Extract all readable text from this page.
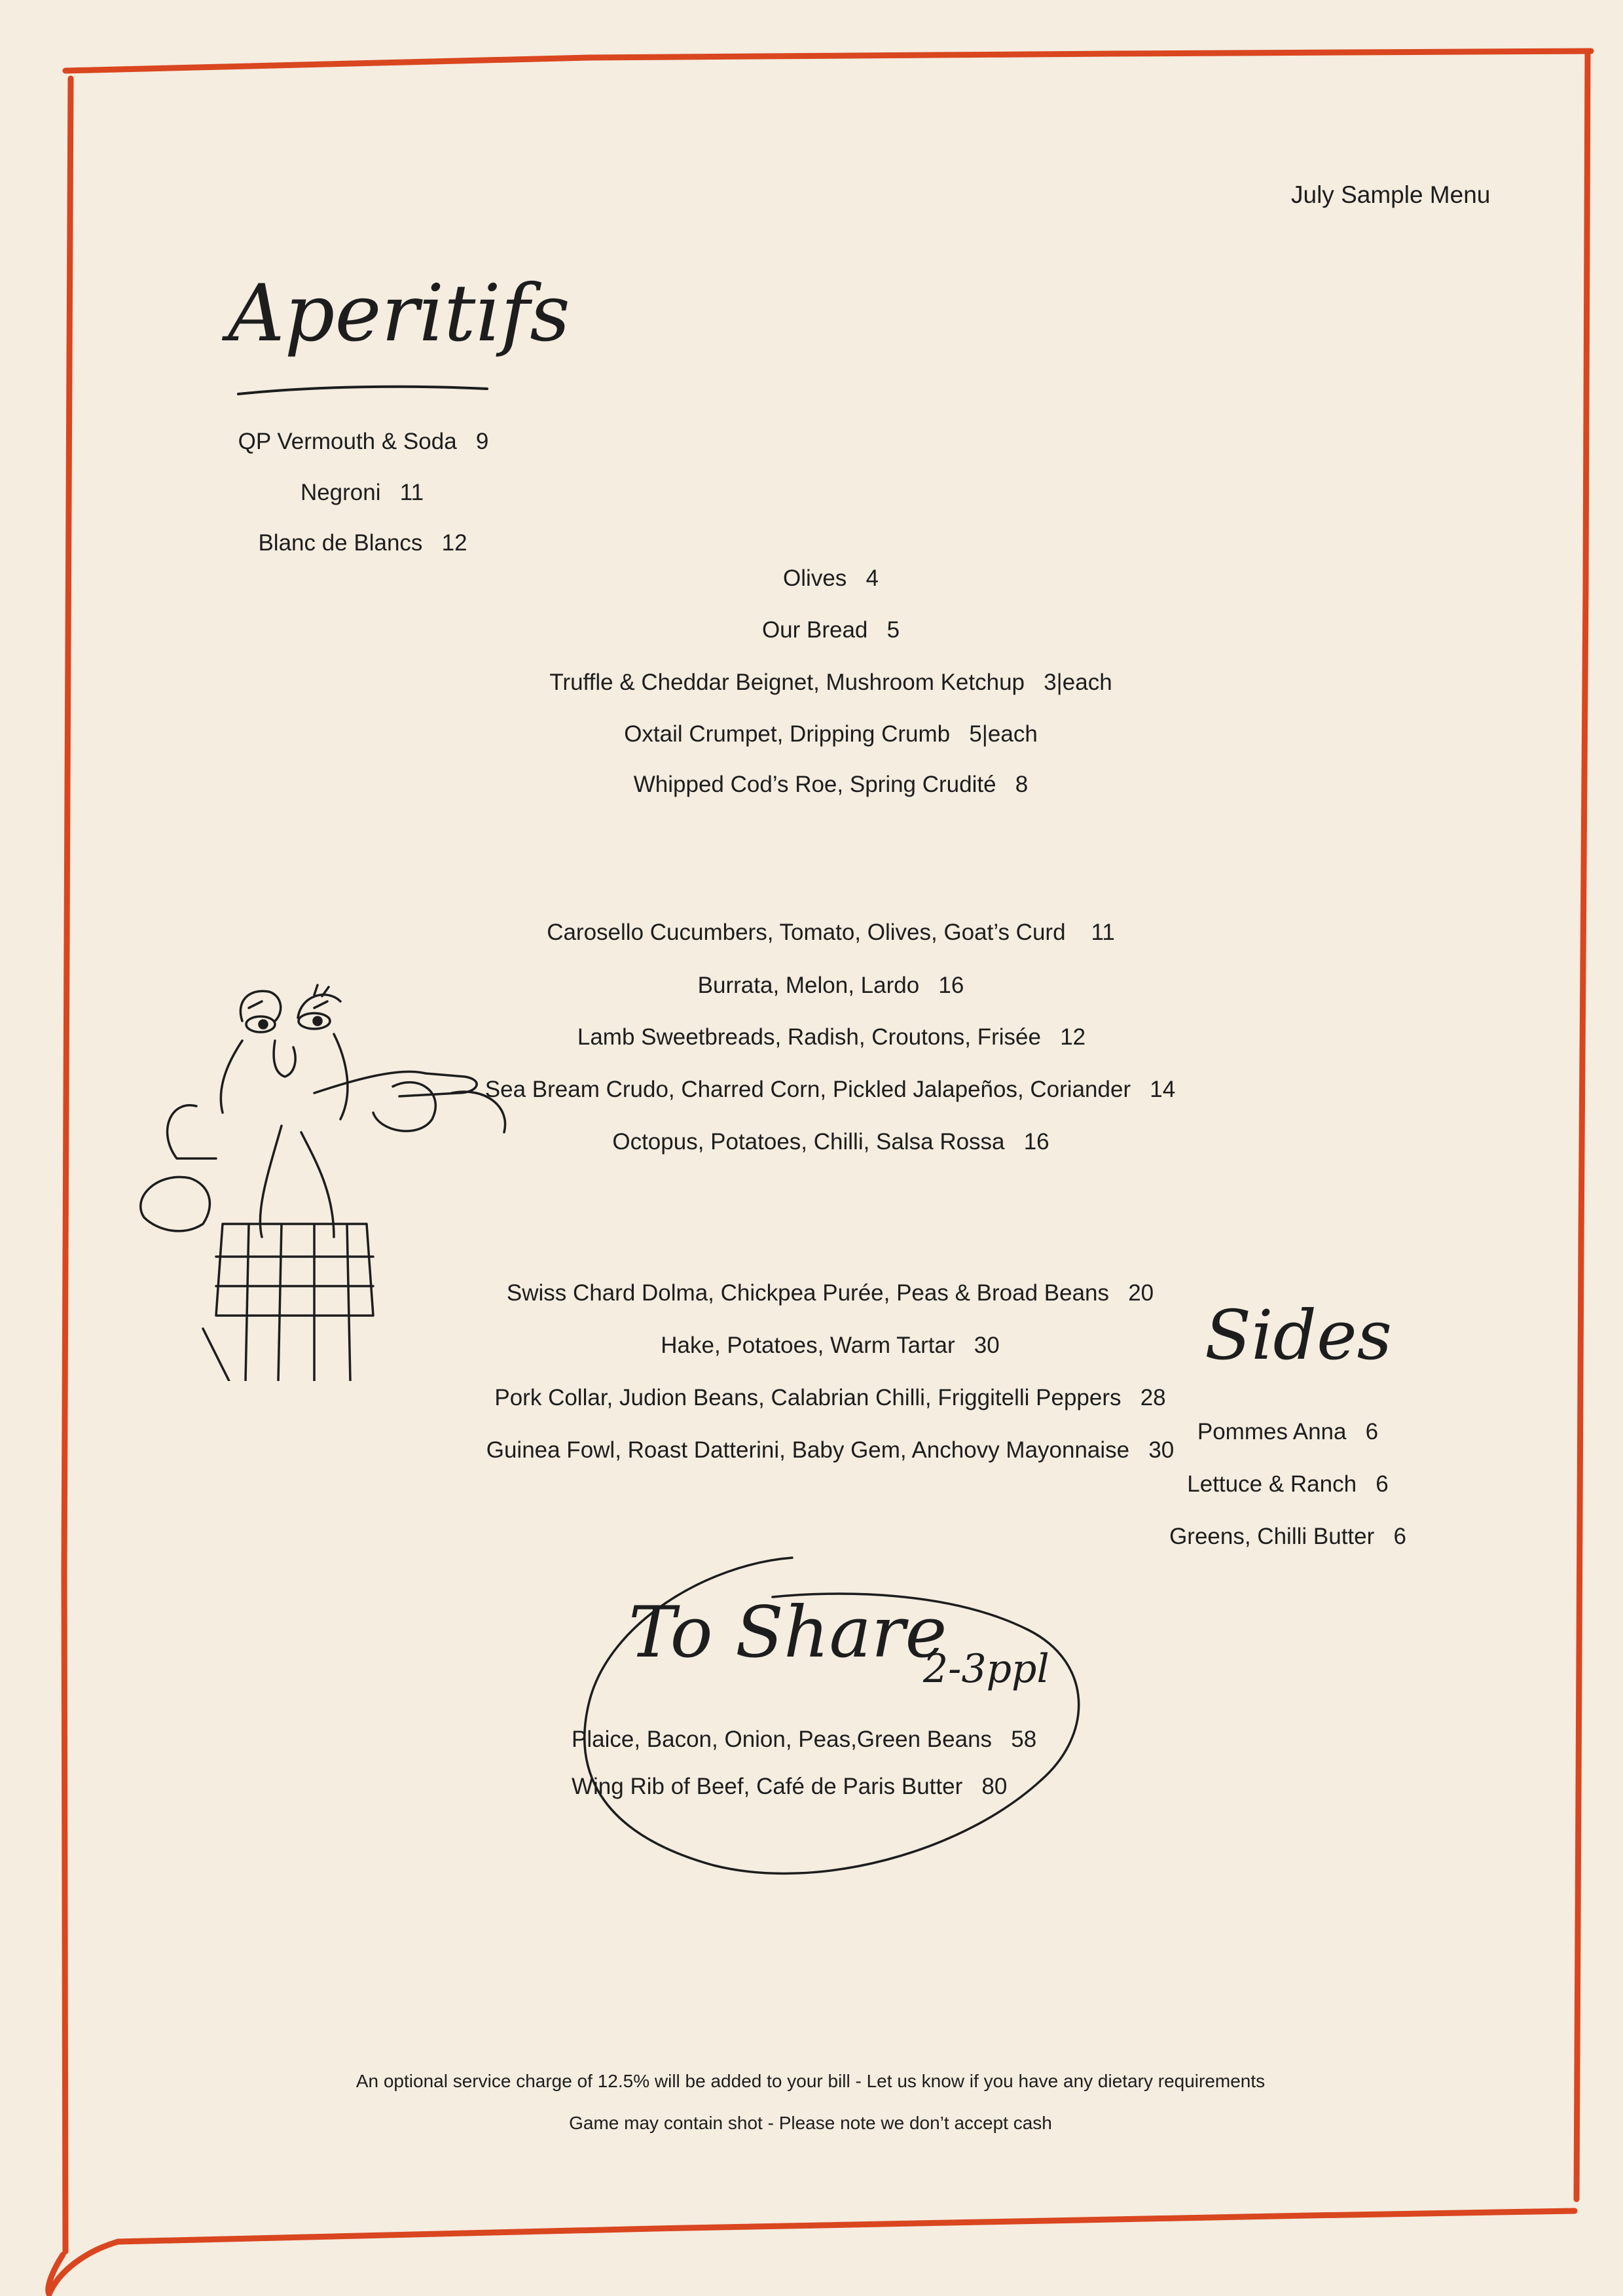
July Sample Menu
Aperitifs
QP Vermouth & Soda 9
Negroni 11
Blanc de Blancs 12
Olives 4
Our Bread 5
Truffle & Cheddar Beignet, Mushroom Ketchup 3|each
Oxtail Crumpet, Dripping Crumb 5|each
Whipped Cod’s Roe, Spring Crudité 8
Carosello Cucumbers, Tomato, Olives, Goat’s Curd 11
Burrata, Melon, Lardo 16
Lamb Sweetbreads, Radish, Croutons, Frisée 12
Sea Bream Crudo, Charred Corn, Pickled Jalapeños, Coriander 14
Octopus, Potatoes, Chilli, Salsa Rossa 16
Swiss Chard Dolma, Chickpea Purée, Peas & Broad Beans 20
Hake, Potatoes, Warm Tartar 30
Pork Collar, Judion Beans, Calabrian Chilli, Friggitelli Peppers 28
Guinea Fowl, Roast Datterini, Baby Gem, Anchovy Mayonnaise 30
Sides
Pommes Anna 6
Lettuce & Ranch 6
Greens, Chilli Butter 6
To Share
2-3ppl
Plaice, Bacon, Onion, Peas,Green Beans 58
Wing Rib of Beef, Café de Paris Butter 80
An optional service charge of 12.5% will be added to your bill - Let us know if you have any dietary requirements
Game may contain shot - Please note we don’t accept cash
